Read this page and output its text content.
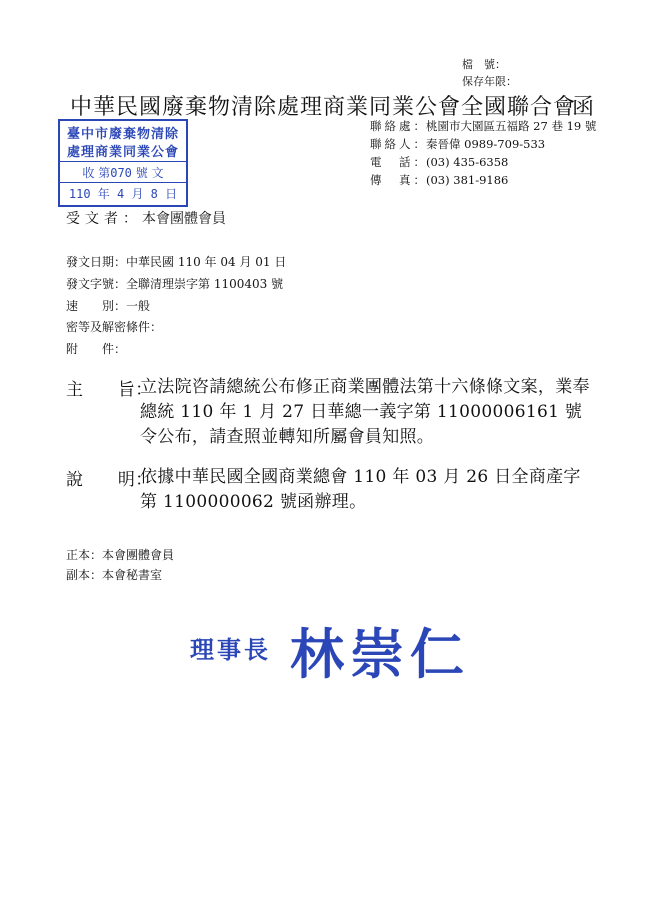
檔　號：
保存年限：
中華民國廢棄物清除處理商業同業公會全國聯合會
函
臺中市廢棄物清除
處理商業同業公會
收 第070 號 文
110 年 4 月 8 日
聯絡處：桃園市大園區五福路 27 巷 19 號
聯絡人：秦晉偉 0989-709-533
電　話：(03) 435-6358
傳　真：(03) 381-9186
受文者：本會團體會員
發文日期：中華民國 110 年 04 月 01 日
發文字號：全聯清理崇字第 1100403 號
速　　別：一般
密等及解密條件：
附　　件：
主　　旨：
立法院咨請總統公布修正商業團體法第十六條條文案，業奉總統 110 年 1 月 27 日華總一義字第 11000006161 號令公布，請查照並轉知所屬會員知照。
說　　明：
依據中華民國全國商業總會 110 年 03 月 26 日全商產字第 1100000062 號函辦理。
正本：本會團體會員
副本：本會秘書室
理事長 林崇仁
